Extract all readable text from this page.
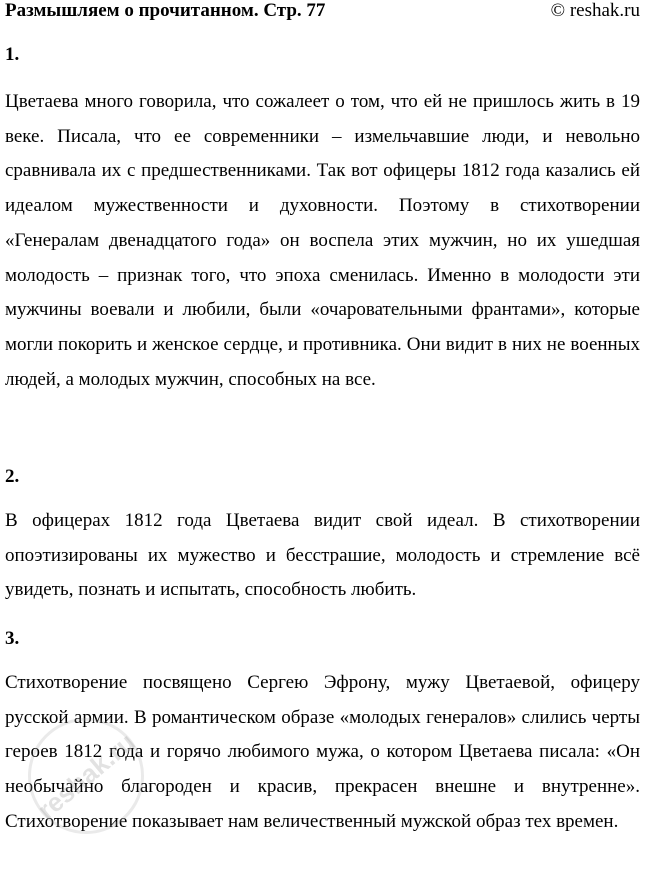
Размышляем о прочитанном. Стр. 77	© reshak.ru
1.

Цветаева много говорила, что сожалеет о том, что ей не пришлось жить в 19 веке. Писала, что ее современники – измельчавшие люди, и невольно сравнивала их с предшественниками. Так вот офицеры 1812 года казались ей идеалом мужественности и духовности. Поэтому в стихотворении «Генералам двенадцатого года» он воспела этих мужчин, но их ушедшая молодость – признак того, что эпоха сменилась. Именно в молодости эти мужчины воевали и любили, были «очаровательными франтами», которые могли покорить и женское сердце, и противника. Они видит в них не военных людей, а молодых мужчин, способных на все.

2.

В офицерах 1812 года Цветаева видит свой идеал. В стихотворении опоэтизированы их мужество и бесстрашие, молодость и стремление всё увидеть, познать и испытать, способность любить.

3.

Стихотворение посвящено Сергею Эфрону, мужу Цветаевой, офицеру русской армии. В романтическом образе «молодых генералов» слились черты героев 1812 года и горячо любимого мужа, о котором Цветаева писала: «Он необычайно благороден и красив, прекрасен внешне и внутренне». Стихотворение показывает нам величественный мужской образ тех времен.

reshak.ru
